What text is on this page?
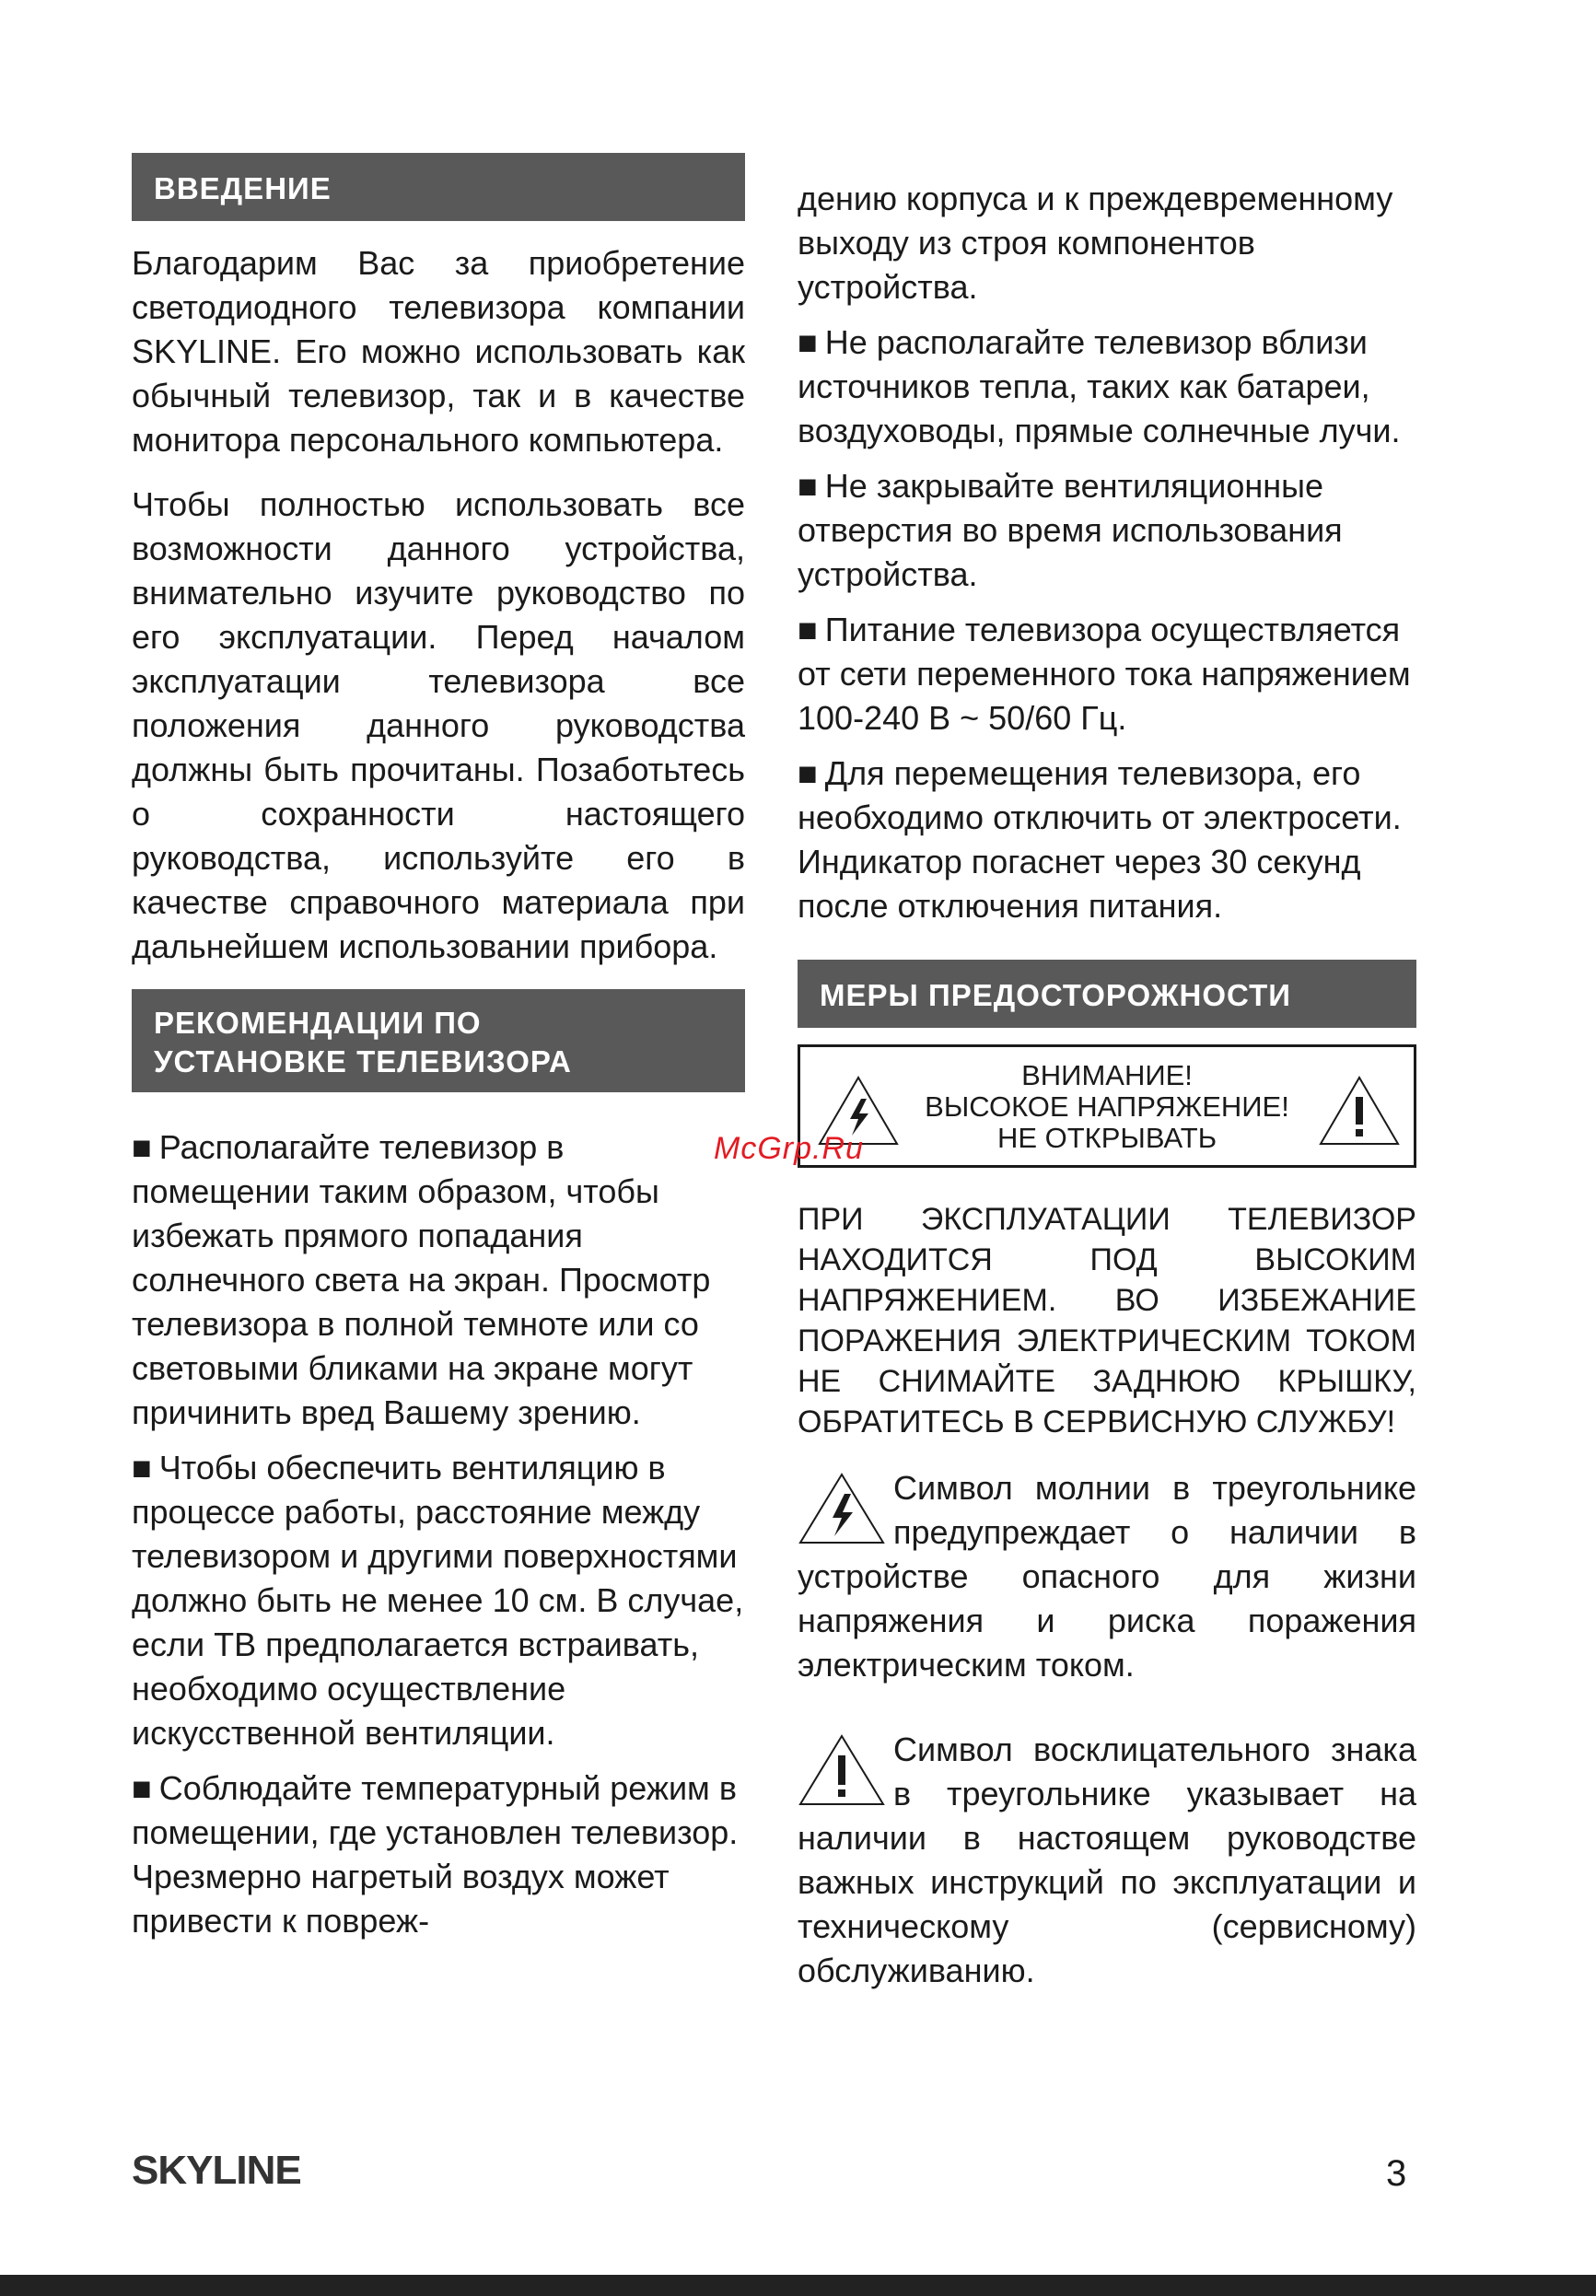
ВВЕДЕНИЕ

Благодарим Вас за приобретение светодиодного телевизора компании SKYLINE. Его можно использовать как обычный телевизор, так и в качестве монитора персонального компьютера.

Чтобы полностью использовать все возможности данного устройства, внимательно изучите руководство по его эксплуатации. Перед началом эксплуатации телевизора все положения данного руководства должны быть прочитаны. Позаботьтесь о сохранности настоящего руководства, используйте его в качестве справочного материала при дальнейшем использовании прибора.

РЕКОМЕНДАЦИИ ПО
УСТАНОВКЕ ТЕЛЕВИЗОРА

■ Располагайте телевизор в помещении таким образом, чтобы избежать прямого попадания солнечного света на экран. Просмотр телевизора в полной темноте или со световыми бликами на экране могут причинить вред Вашему зрению.

■ Чтобы обеспечить вентиляцию в процессе работы, расстояние между телевизором и другими поверхностями должно быть не менее 10 см. В случае, если ТВ предполагается встраивать, необходимо осуществление искусственной вентиляции.

■ Соблюдайте температурный режим в помещении, где установлен телевизор. Чрезмерно нагретый воздух может привести к повреж-

дению корпуса и к преждевременному выходу из строя компонентов устройства.

■ Не располагайте телевизор вблизи источников тепла, таких как батареи, воздуховоды, прямые солнечные лучи.

■ Не закрывайте вентиляционные отверстия во время использования устройства.

■ Питание телевизора осуществляется от сети переменного тока напряжением 100-240 В ~ 50/60 Гц.

■ Для перемещения телевизора, его необходимо отключить от электросети. Индикатор погаснет через 30 секунд после отключения питания.

МЕРЫ ПРЕДОСТОРОЖНОСТИ
ВНИМАНИЕ!
ВЫСОКОЕ НАПРЯЖЕНИЕ!
НЕ ОТКРЫВАТЬ

ПРИ ЭКСПЛУАТАЦИИ ТЕЛЕВИЗОР НАХОДИТСЯ ПОД ВЫСОКИМ НАПРЯЖЕНИЕМ. ВО ИЗБЕЖАНИЕ ПОРАЖЕНИЯ ЭЛЕКТРИЧЕСКИМ ТОКОМ НЕ СНИМАЙТЕ ЗАДНЮЮ КРЫШКУ, ОБРАТИТЕСЬ В СЕРВИСНУЮ СЛУЖБУ!

Символ молнии в треугольнике предупреждает о наличии в устройстве опасного для жизни напряжения и риска поражения электрическим током.

Символ восклицательного знака в треугольнике указывает на наличии в настоящем руководстве важных инструкций по эксплуатации и техническому (сервисному) обслуживанию.

McGrp.Ru
SKYLINE	3
